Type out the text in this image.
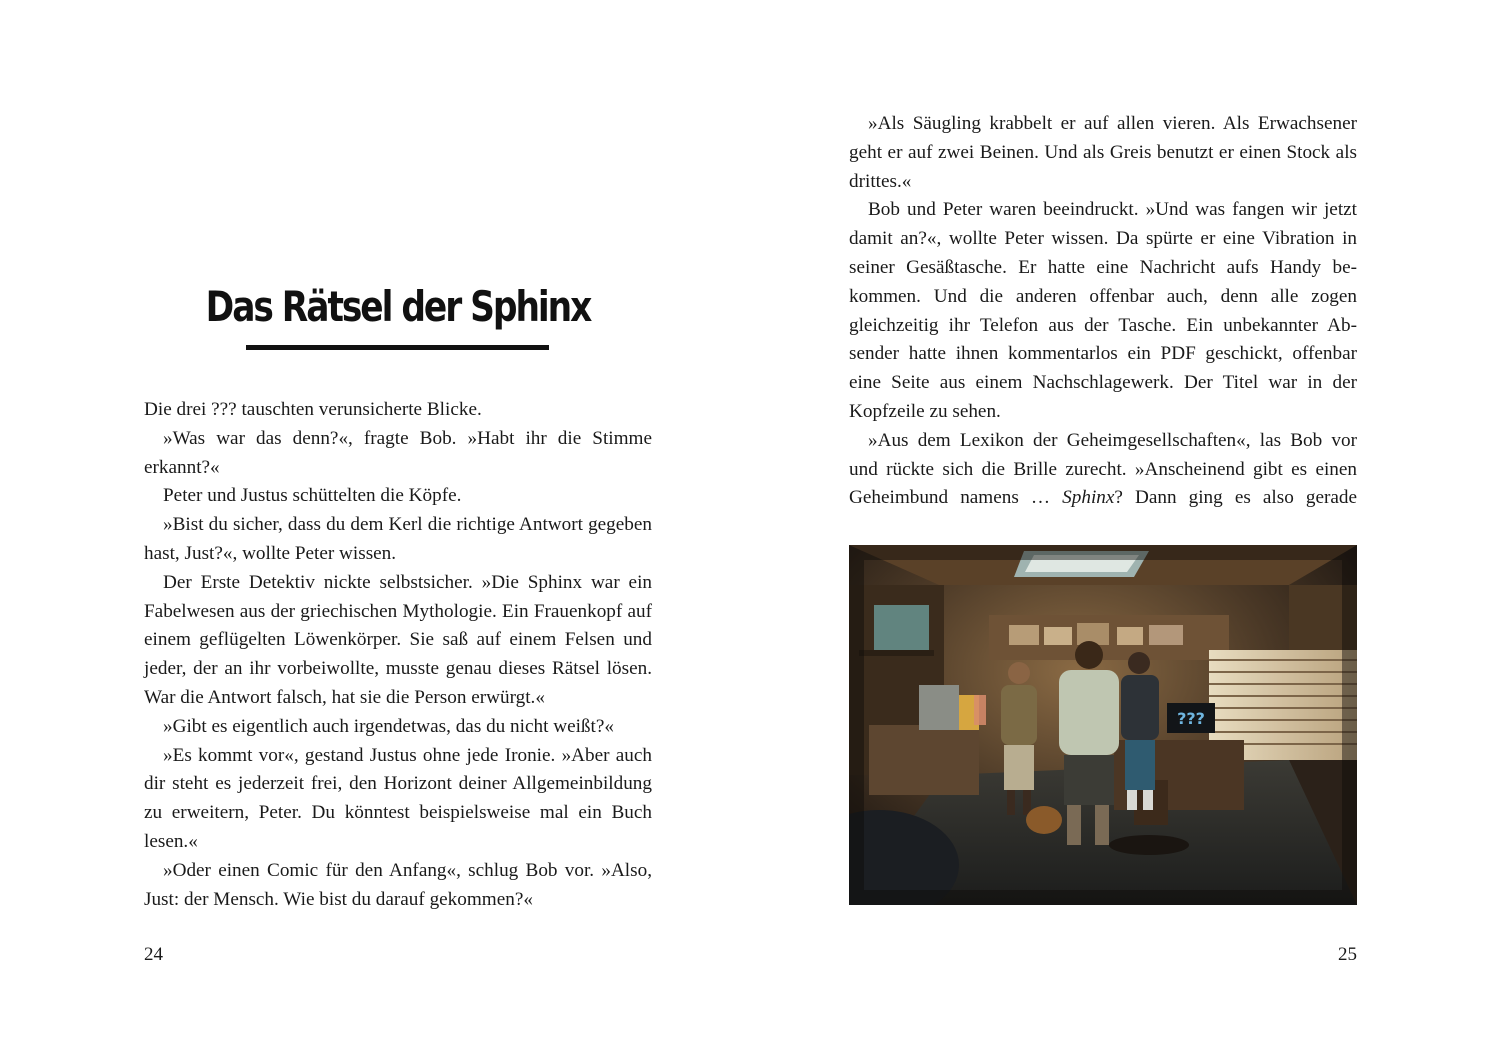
Das Rätsel der Sphinx

Die drei ??? tauschten verunsicherte Blicke.

»Was war das denn?«, fragte Bob. »Habt ihr die Stimme erkannt?«

Peter und Justus schüttelten die Köpfe.

»Bist du sicher, dass du dem Kerl die richtige Antwort gegeben hast, Just?«, wollte Peter wissen.

Der Erste Detektiv nickte selbstsicher. »Die Sphinx war ein Fabelwesen aus der griechischen Mythologie. Ein Frauenkopf auf einem geflügelten Löwenkörper. Sie saß auf einem Felsen und jeder, der an ihr vorbeiwollte, musste genau dieses Rätsel lösen. War die Antwort falsch, hat sie die Person erwürgt.«

»Gibt es eigentlich auch irgendetwas, das du nicht weißt?«

»Es kommt vor«, gestand Justus ohne jede Ironie. »Aber auch dir steht es jederzeit frei, den Horizont deiner Allgemeinbildung zu erweitern, Peter. Du könntest beispielsweise mal ein Buch lesen.«

»Oder einen Comic für den Anfang«, schlug Bob vor. »Also, Just: der Mensch. Wie bist du darauf gekommen?«

24

»Als Säugling krabbelt er auf allen vieren. Als Erwachsener geht er auf zwei Beinen. Und als Greis benutzt er einen Stock als drittes.«

Bob und Peter waren beeindruckt. »Und was fangen wir jetzt damit an?«, wollte Peter wissen. Da spürte er eine Vibration in seiner Gesäßtasche. Er hatte eine Nachricht aufs Handy bekommen. Und die anderen offenbar auch, denn alle zogen gleichzeitig ihr Telefon aus der Tasche. Ein unbekannter Absender hatte ihnen kommentarlos ein PDF geschickt, offenbar eine Seite aus einem Nachschlagewerk. Der Titel war in der Kopfzeile zu sehen.

»Aus dem Lexikon der Geheimgesellschaften«, las Bob vor und rückte sich die Brille zurecht. »Anscheinend gibt es einen Geheimbund namens … Sphinx? Dann ging es also gerade

???
25
